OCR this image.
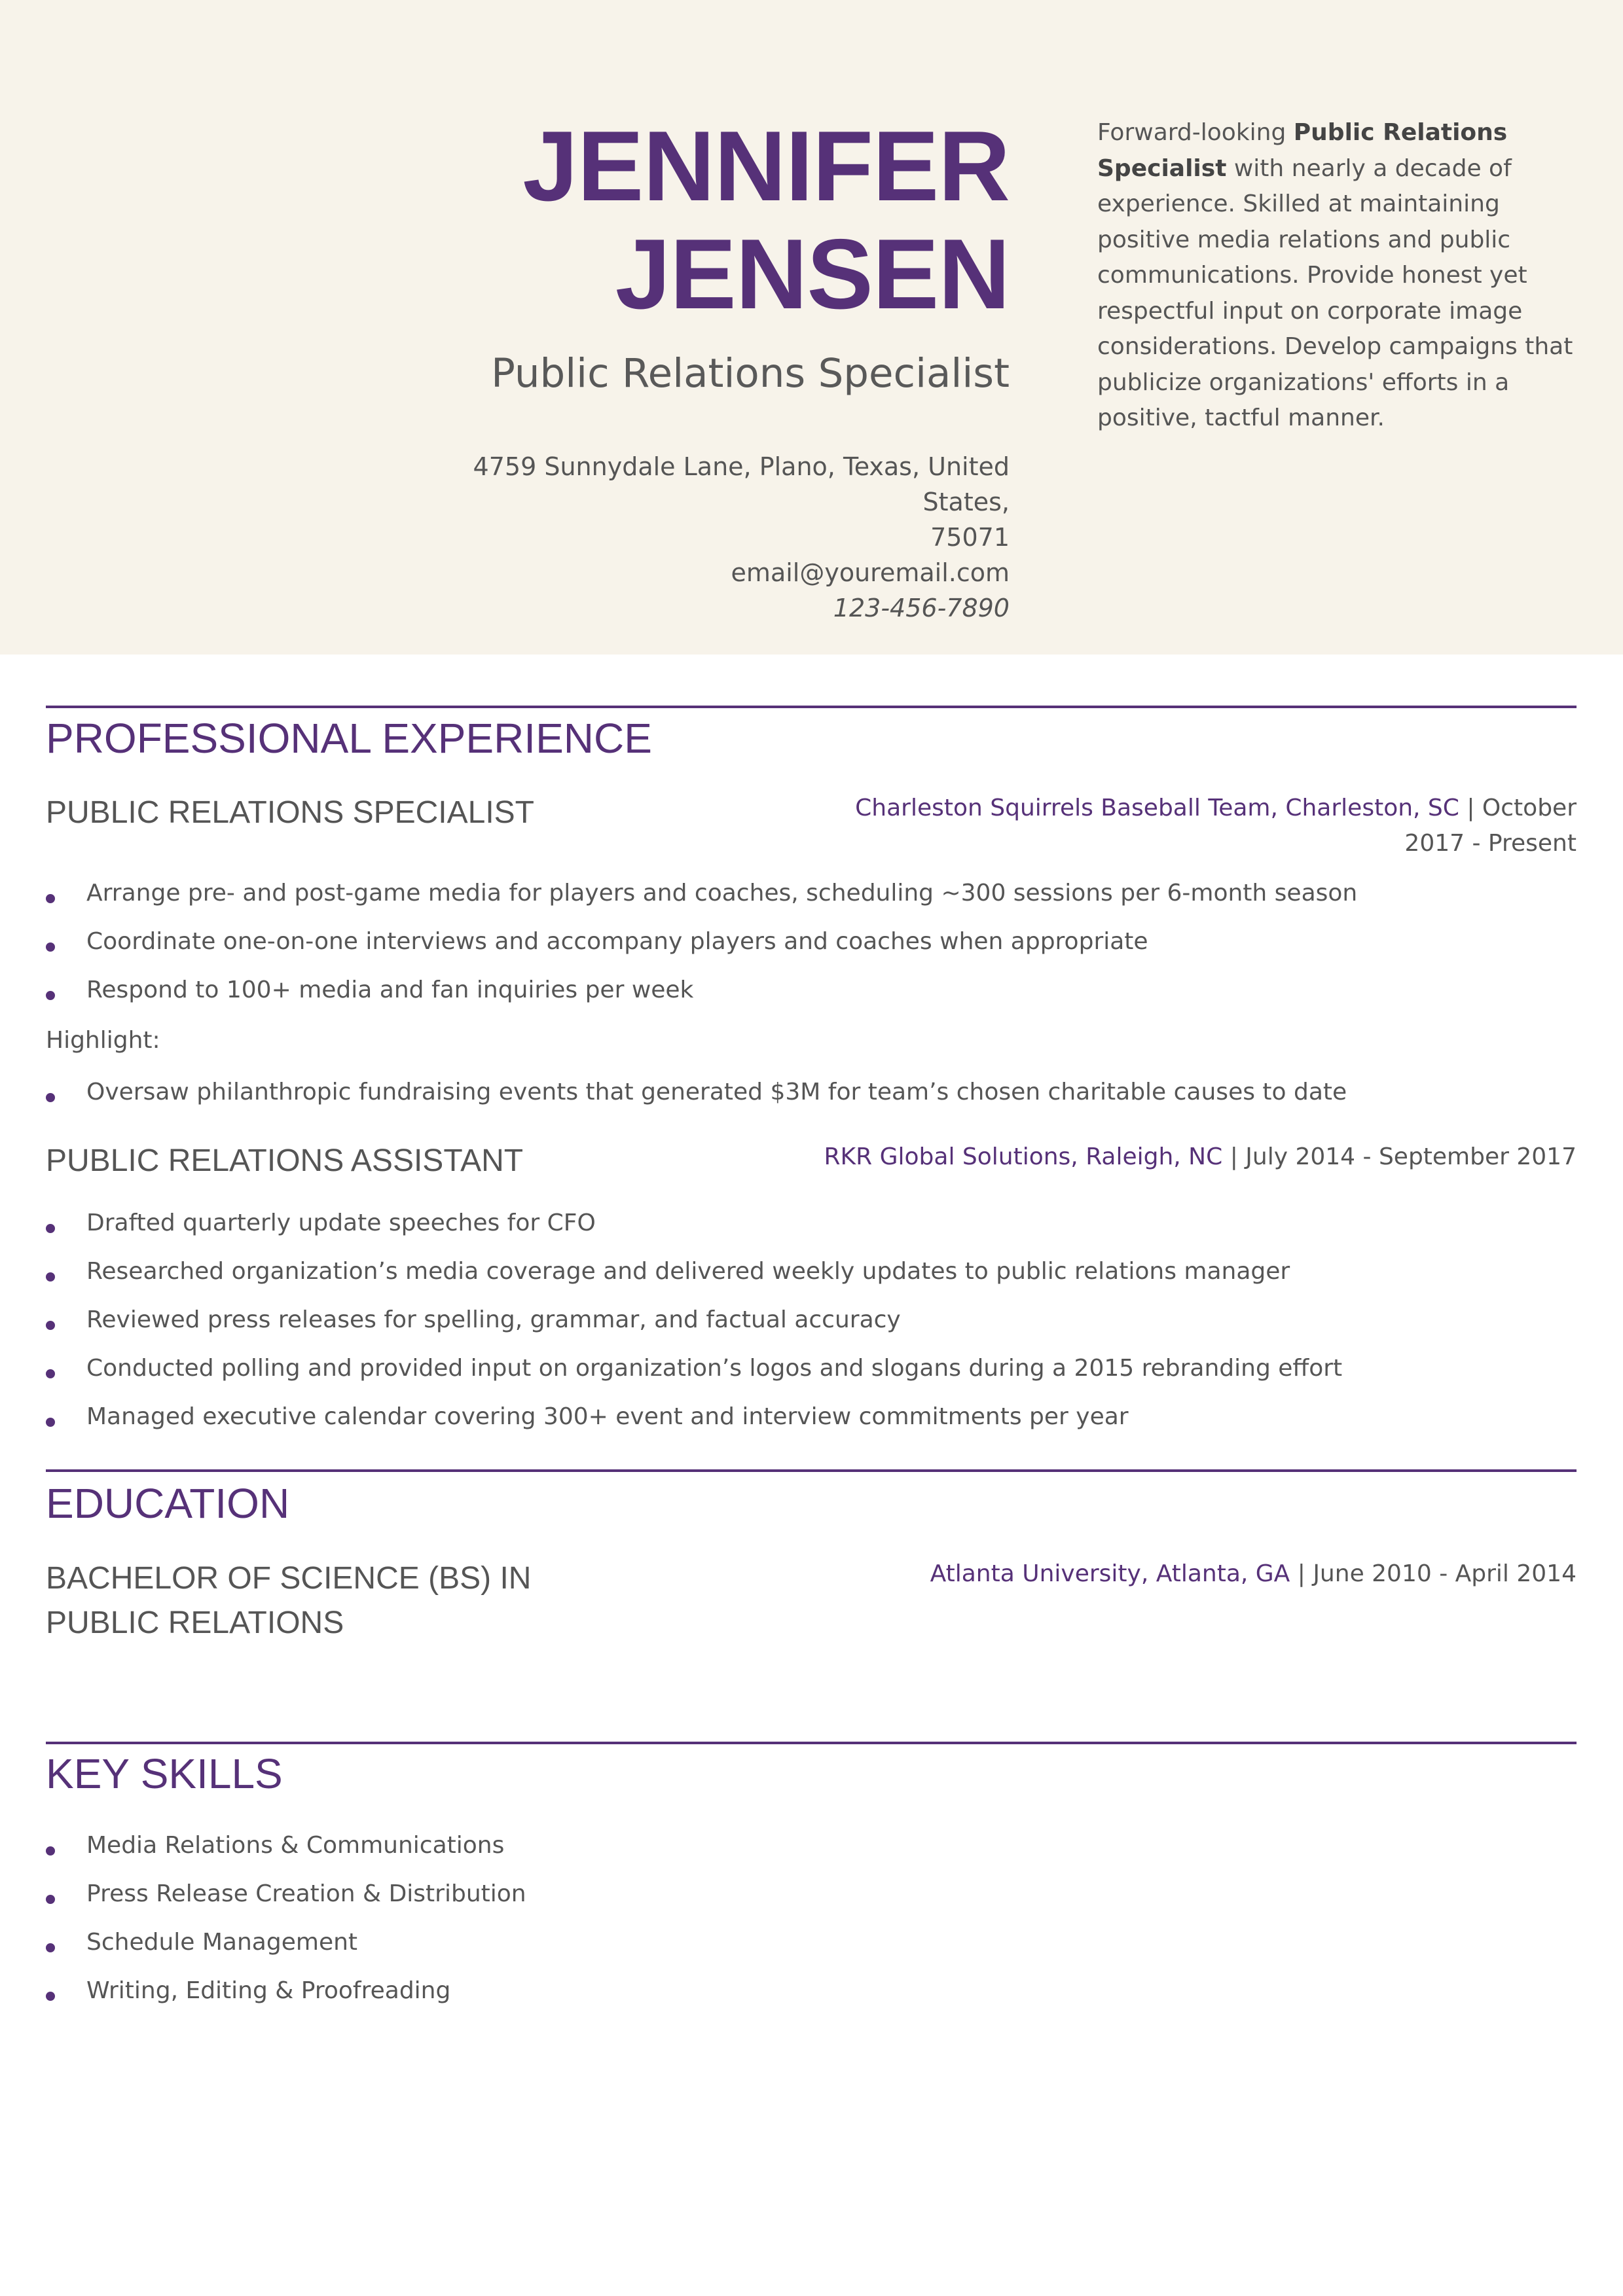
JENNIFER
JENSEN
Public Relations Specialist
4759 Sunnydale Lane, Plano, Texas, United States,
75071
email@youremail.com
123-456-7890
Forward-looking Public Relations Specialist with nearly a decade of experience. Skilled at maintaining positive media relations and public communications. Provide honest yet respectful input on corporate image considerations. Develop campaigns that publicize organizations' efforts in a positive, tactful manner.
PROFESSIONAL EXPERIENCE
PUBLIC RELATIONS SPECIALIST	Charleston Squirrels Baseball Team, Charleston, SC | October 2017 - Present
Arrange pre- and post-game media for players and coaches, scheduling ~300 sessions per 6-month season
Coordinate one-on-one interviews and accompany players and coaches when appropriate
Respond to 100+ media and fan inquiries per week
Highlight:
Oversaw philanthropic fundraising events that generated $3M for team’s chosen charitable causes to date
PUBLIC RELATIONS ASSISTANT	RKR Global Solutions, Raleigh, NC | July 2014 - September 2017
Drafted quarterly update speeches for CFO
Researched organization’s media coverage and delivered weekly updates to public relations manager
Reviewed press releases for spelling, grammar, and factual accuracy
Conducted polling and provided input on organization’s logos and slogans during a 2015 rebranding effort
Managed executive calendar covering 300+ event and interview commitments per year
EDUCATION
BACHELOR OF SCIENCE (BS) IN PUBLIC RELATIONS
Atlanta University, Atlanta, GA | June 2010 - April 2014
KEY SKILLS
Media Relations & Communications
Press Release Creation & Distribution
Schedule Management
Writing, Editing & Proofreading
